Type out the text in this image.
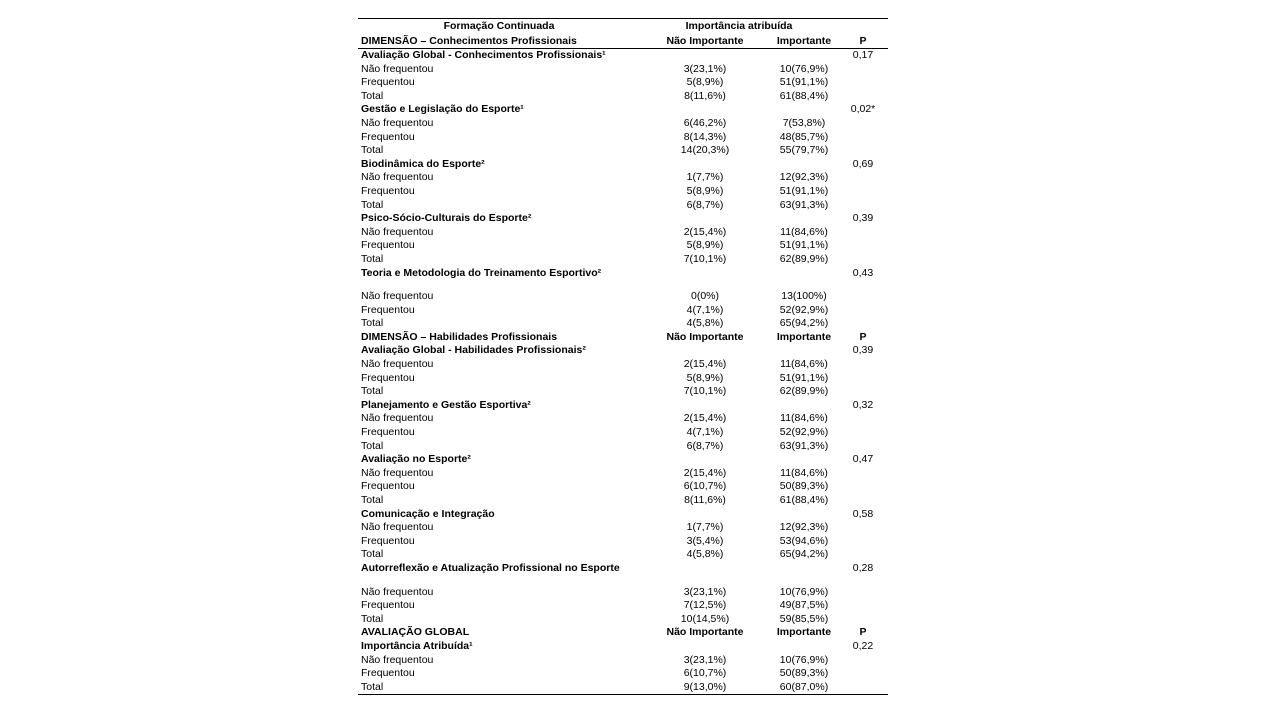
Formação Continuada	Importância atribuída		
DIMENSÃO – Conhecimentos Profissionais	Não Importante	Importante	P
Avaliação Global - Conhecimentos Profissionais¹			0,17
Não frequentou	3(23,1%)	10(76,9%)	
Frequentou	5(8,9%)	51(91,1%)	
Total	8(11,6%)	61(88,4%)	
Gestão e Legislação do Esporte¹			0,02*
Não frequentou	6(46,2%)	7(53,8%)	
Frequentou	8(14,3%)	48(85,7%)	
Total	14(20,3%)	55(79,7%)	
Biodinâmica do Esporte²			0,69
Não frequentou	1(7,7%)	12(92,3%)	
Frequentou	5(8,9%)	51(91,1%)	
Total	6(8,7%)	63(91,3%)	
Psico-Sócio-Culturais do Esporte²			0,39
Não frequentou	2(15,4%)	11(84,6%)	
Frequentou	5(8,9%)	51(91,1%)	
Total	7(10,1%)	62(89,9%)	
Teoria e Metodologia do Treinamento Esportivo²			0,43

Não frequentou	0(0%)	13(100%)	
Frequentou	4(7,1%)	52(92,9%)	
Total	4(5,8%)	65(94,2%)	
DIMENSÃO – Habilidades Profissionais	Não Importante	Importante	P
Avaliação Global - Habilidades Profissionais²			0,39
Não frequentou	2(15,4%)	11(84,6%)	
Frequentou	5(8,9%)	51(91,1%)	
Total	7(10,1%)	62(89,9%)	
Planejamento e Gestão Esportiva²			0,32
Não frequentou	2(15,4%)	11(84,6%)	
Frequentou	4(7,1%)	52(92,9%)	
Total	6(8,7%)	63(91,3%)	
Avaliação no Esporte²			0,47
Não frequentou	2(15,4%)	11(84,6%)	
Frequentou	6(10,7%)	50(89,3%)	
Total	8(11,6%)	61(88,4%)	
Comunicação e Integração			0,58
Não frequentou	1(7,7%)	12(92,3%)	
Frequentou	3(5,4%)	53(94,6%)	
Total	4(5,8%)	65(94,2%)	
Autorreflexão e Atualização Profissional no Esporte			0,28

Não frequentou	3(23,1%)	10(76,9%)	
Frequentou	7(12,5%)	49(87,5%)	
Total	10(14,5%)	59(85,5%)	
AVALIAÇÃO GLOBAL	Não Importante	Importante	P
Importância Atribuída¹			0,22
Não frequentou	3(23,1%)	10(76,9%)	
Frequentou	6(10,7%)	50(89,3%)	
Total	9(13,0%)	60(87,0%)	
